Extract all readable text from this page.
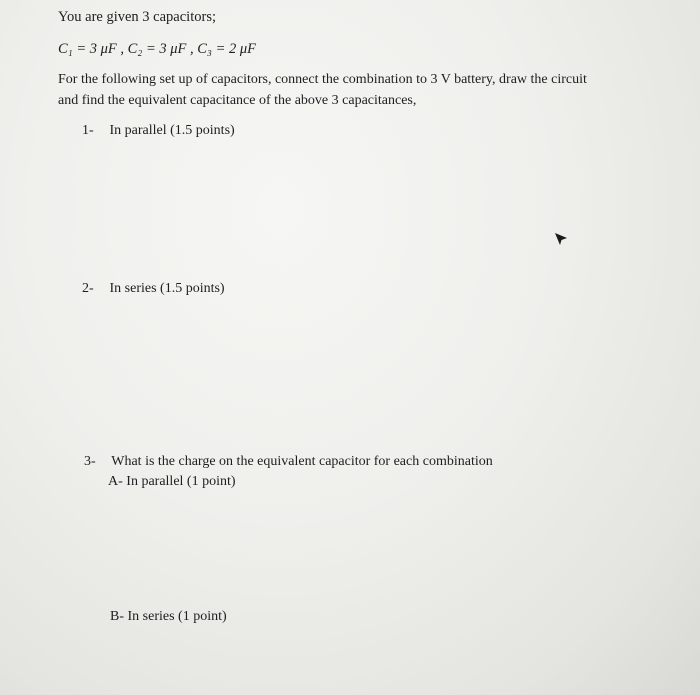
You are given 3 capacitors;
C₁ = 3 μF , C₂ = 3 μF , C₃ = 2 μF
For the following set up of capacitors, connect the combination to 3 V battery, draw the circuit
and find the equivalent capacitance of the above 3 capacitances,
1- In parallel (1.5 points)
2- In series (1.5 points)
3- What is the charge on the equivalent capacitor for each combination
A- In parallel (1 point)
B- In series (1 point)
